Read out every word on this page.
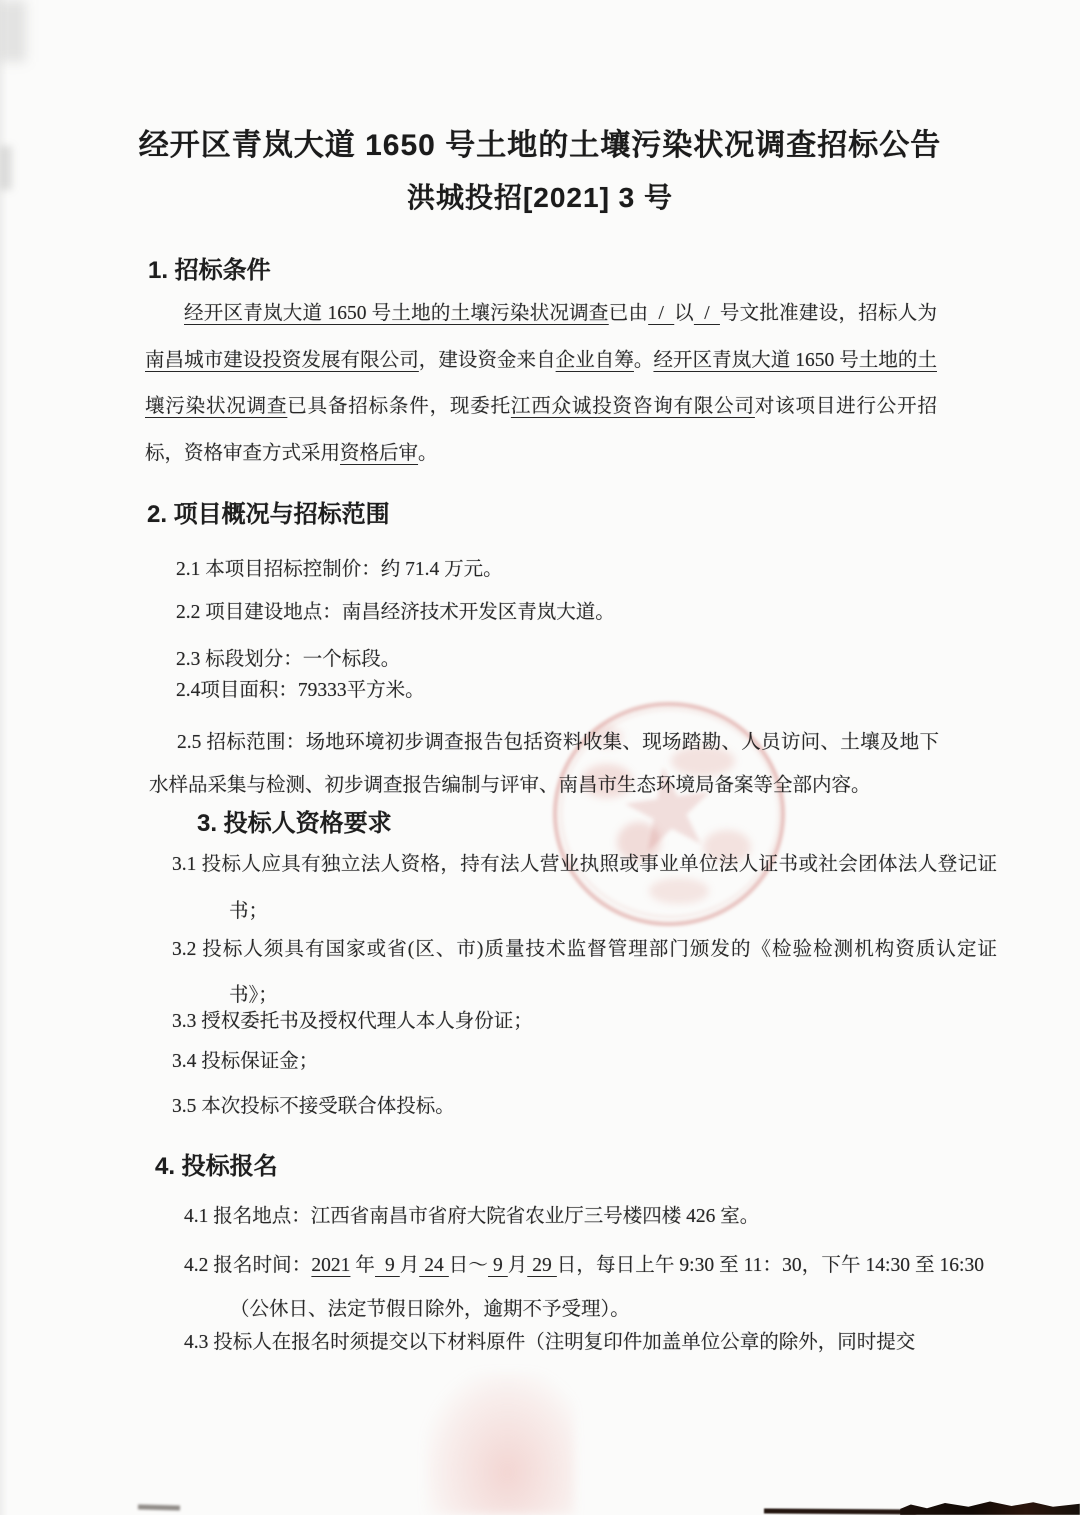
经开区青岚大道 1650 号土地的土壤污染状况调查招标公告
洪城投招[2021] 3 号
1. 招标条件
经开区青岚大道 1650 号土地的土壤污染状况调查已由  /  以  /  号文批准建设，招标人为南昌城市建设投资发展有限公司，建设资金来自企业自筹。经开区青岚大道 1650 号土地的土壤污染状况调查已具备招标条件，现委托江西众诚投资咨询有限公司对该项目进行公开招标，资格审查方式采用资格后审。
2. 项目概况与招标范围
2.1 本项目招标控制价：约 71.4 万元。
2.2 项目建设地点：南昌经济技术开发区青岚大道。
2.3 标段划分：一个标段。
2.4项目面积：79333平方米。
2.5 招标范围：场地环境初步调查报告包括资料收集、现场踏勘、人员访问、土壤及地下水样品采集与检测、初步调查报告编制与评审、南昌市生态环境局备案等全部内容。
3. 投标人资格要求
3.1 投标人应具有独立法人资格，持有法人营业执照或事业单位法人证书或社会团体法人登记证书；
3.2 投标人须具有国家或省(区、市)质量技术监督管理部门颁发的《检验检测机构资质认定证书》；
3.3 授权委托书及授权代理人本人身份证；
3.4 投标保证金；
3.5 本次投标不接受联合体投标。
4. 投标报名
4.1 报名地点：江西省南昌市省府大院省农业厅三号楼四楼 426 室。
4.2 报名时间：2021 年  9 月 24 日～ 9 月 29 日，每日上午 9:30 至 11：30，下午 14:30 至 16:30（公休日、法定节假日除外，逾期不予受理）。
4.3 投标人在报名时须提交以下材料原件（注明复印件加盖单位公章的除外，同时提交
★
